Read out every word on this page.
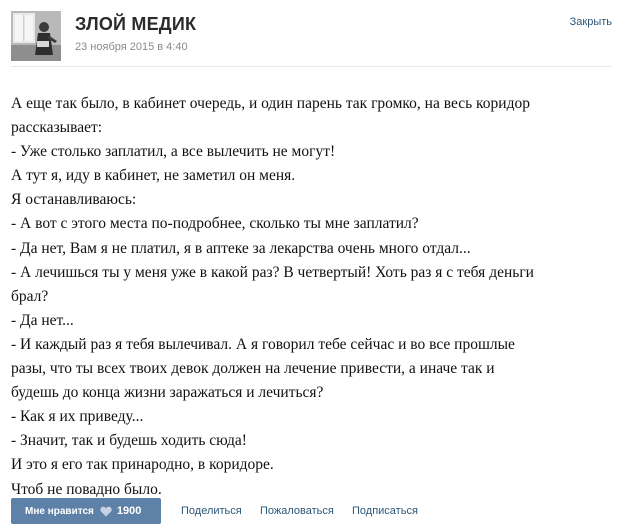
ЗЛОЙ МЕДИК
23 ноября 2015 в 4:40
Закрыть
А еще так было, в кабинет очередь, и один парень так громко, на весь коридор
рассказывает:
- Уже столько заплатил, а все вылечить не могут!
А тут я, иду в кабинет, не заметил он меня.
Я останавливаюсь:
- А вот с этого места по-подробнее, сколько ты мне заплатил?
- Да нет, Вам я не платил, я в аптеке за лекарства очень много отдал...
- А лечишься ты у меня уже в какой раз? В четвертый! Хоть раз я с тебя деньги
брал?
- Да нет...
- И каждый раз я тебя вылечивал. А я говорил тебе сейчас и во все прошлые
разы, что ты всех твоих девок должен на лечение привести, а иначе так и
будешь до конца жизни заражаться и лечиться?
- Как я их приведу...
- Значит, так и будешь ходить сюда!
И это я его так принародно, в коридоре.
Чтоб не повадно было.
Мне нравится 1900	Поделиться Пожаловаться Подписаться
